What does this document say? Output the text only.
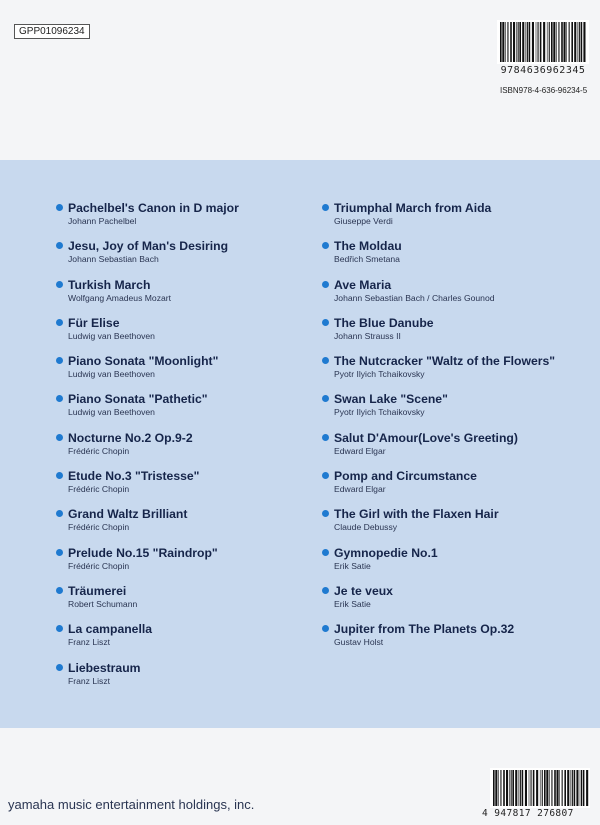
GPP01096234
9784636962345
ISBN978-4-636-96234-5
Pachelbel's Canon in D major
Johann Pachelbel
Jesu, Joy of Man's Desiring
Johann Sebastian Bach
Turkish March
Wolfgang Amadeus Mozart
Für Elise
Ludwig van Beethoven
Piano Sonata "Moonlight"
Ludwig van Beethoven
Piano Sonata "Pathetic"
Ludwig van Beethoven
Nocturne No.2 Op.9-2
Frédéric Chopin
Etude No.3 "Tristesse"
Frédéric Chopin
Grand Waltz Brilliant
Frédéric Chopin
Prelude No.15 "Raindrop"
Frédéric Chopin
Träumerei
Robert Schumann
La campanella
Franz Liszt
Liebestraum
Franz Liszt
Triumphal March from Aida
Giuseppe Verdi
The Moldau
Bedřich Smetana
Ave Maria
Johann Sebastian Bach / Charles Gounod
The Blue Danube
Johann Strauss II
The Nutcracker "Waltz of the Flowers"
Pyotr Ilyich Tchaikovsky
Swan Lake "Scene"
Pyotr Ilyich Tchaikovsky
Salut D'Amour(Love's Greeting)
Edward Elgar
Pomp and Circumstance
Edward Elgar
The Girl with the Flaxen Hair
Claude Debussy
Gymnopedie No.1
Erik Satie
Je te veux
Erik Satie
Jupiter from The Planets Op.32
Gustav Holst
yamaha music entertainment holdings, inc.
4 947817 276807
